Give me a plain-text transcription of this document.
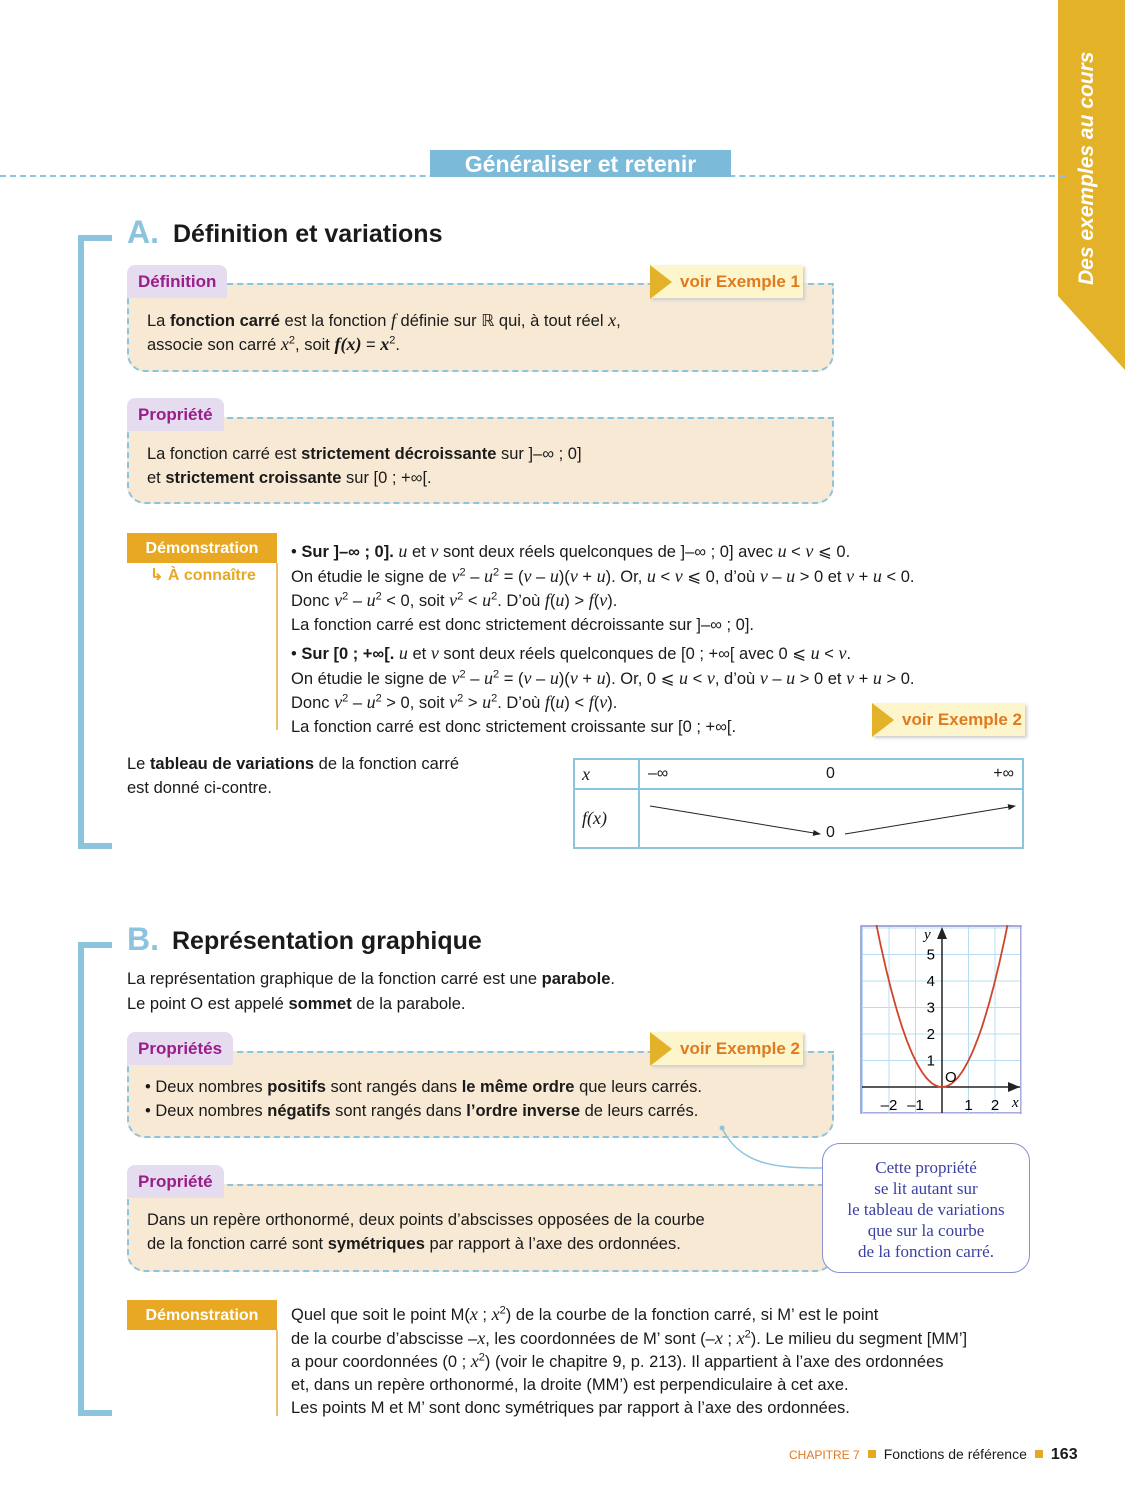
Des exemples au cours
Généraliser et retenir
A. Définition et variations
Définition	voir Exemple 1
La fonction carré est la fonction f définie sur ℝ qui, à tout réel x,
associe son carré $x^2$, soit $f(x) = x^2$.
Propriété
La fonction carré est strictement décroissante sur ]–∞ ; 0]
et strictement croissante sur [0 ; +∞[.
Démonstration
↳ À connaître
• Sur ]–∞ ; 0]. u et v sont deux réels quelconques de ]–∞ ; 0] avec u < v ⩽ 0.
On étudie le signe de $v^2 - u^2 = (v - u)(v + u)$. Or, u < v ⩽ 0, d’où v – u > 0 et v + u < 0.
Donc $v^2 - u^2 < 0$, soit $v^2 < u^2$. D’où f(u) > f(v).
La fonction carré est donc strictement décroissante sur ]–∞ ; 0].
• Sur [0 ; +∞[. u et v sont deux réels quelconques de [0 ; +∞[ avec 0 ⩽ u < v.
On étudie le signe de $v^2 - u^2 = (v - u)(v + u)$. Or, 0 ⩽ u < v, d’où v – u > 0 et v + u > 0.
Donc $v^2 - u^2 > 0$, soit $v^2 > u^2$. D’où f(u) < f(v).
La fonction carré est donc strictement croissante sur [0 ; +∞[.	voir Exemple 2
Le tableau de variations de la fonction carré
est donné ci-contre.
x	–∞ 0 +∞

f(x)	0
B. Représentation graphique
La représentation graphique de la fonction carré est une parabole.
Le point O est appelé sommet de la parabole.
–2 –1	1 2
1
2
3
4
5
x
y
O
Propriétés	voir Exemple 2
• Deux nombres positifs sont rangés dans le même ordre que leurs carrés.
• Deux nombres négatifs sont rangés dans l’ordre inverse de leurs carrés.
Propriété
Dans un repère orthonormé, deux points d’abscisses opposées de la courbe
de la fonction carré sont symétriques par rapport à l’axe des ordonnées.
Cette propriété
se lit autant sur
le tableau de variations
que sur la courbe
de la fonction carré.
Démonstration	Quel que soit le point M(x ; $x^2$) de la courbe de la fonction carré, si M’ est le point
de la courbe d’abscisse –x, les coordonnées de M’ sont (–x ; $x^2$). Le milieu du segment [MM’]
a pour coordonnées (0 ; $x^2$) (voir le chapitre 9, p. 213). Il appartient à l’axe des ordonnées
et, dans un repère orthonormé, la droite (MM’) est perpendiculaire à cet axe.
Les points M et M’ sont donc symétriques par rapport à l’axe des ordonnées.
CHAPITRE 7 Fonctions de référence 163
